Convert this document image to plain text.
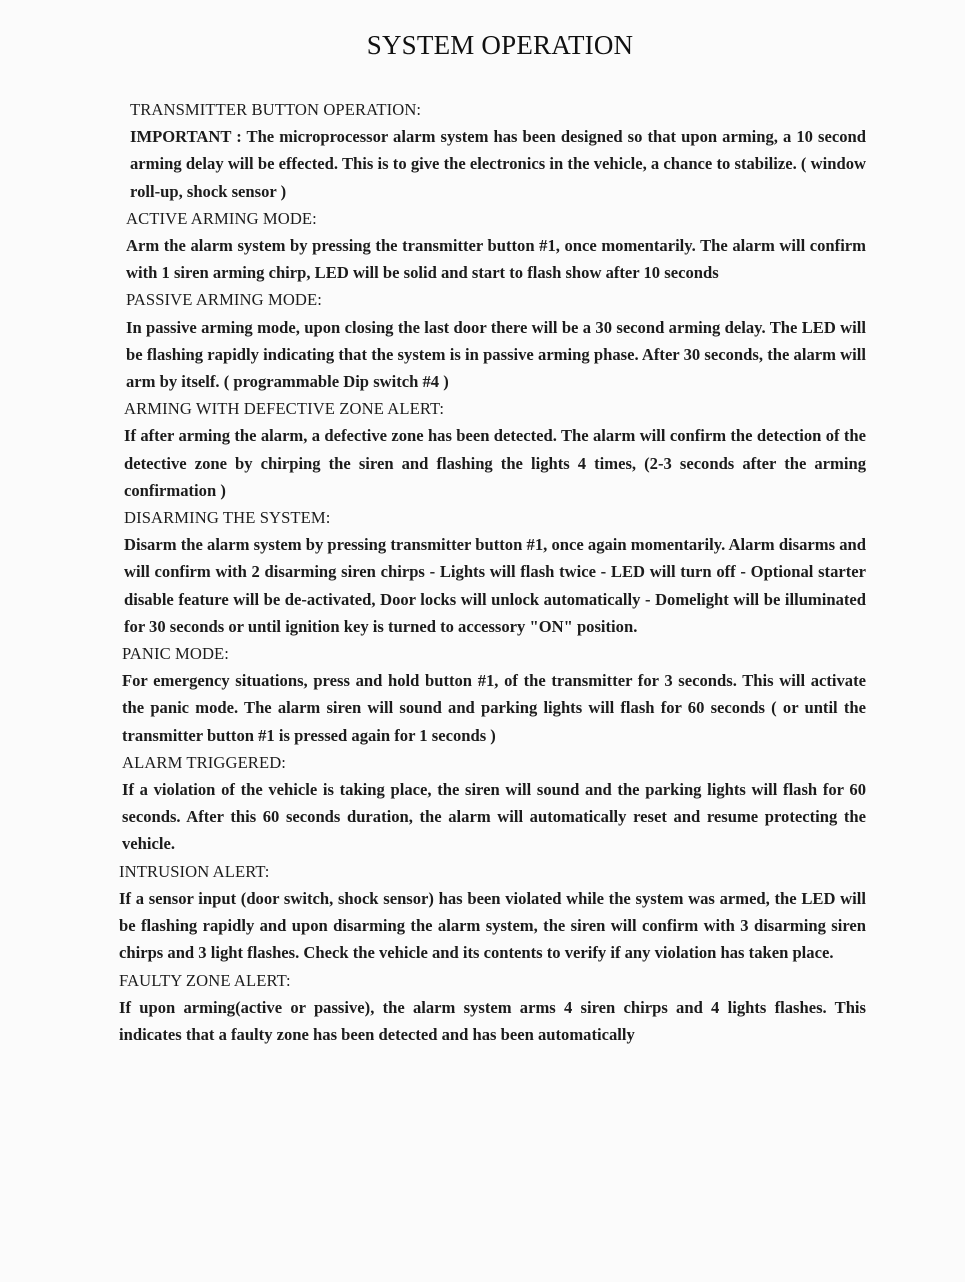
SYSTEM OPERATION

TRANSMITTER BUTTON OPERATION:

IMPORTANT : The microprocessor alarm system has been designed so that upon arming, a 10 second arming delay will be effected. This is to give the electronics in the vehicle, a chance to stabilize. ( window roll-up, shock sensor )

ACTIVE ARMING MODE:

Arm the alarm system by pressing the transmitter button #1, once momentarily. The alarm will confirm with 1 siren arming chirp, LED will be solid and start to flash show after 10 seconds

PASSIVE ARMING MODE:

In passive arming mode, upon closing the last door there will be a 30 second arming delay. The LED will be flashing rapidly indicating that the system is in passive arming phase. After 30 seconds, the alarm will arm by itself. ( programmable Dip switch #4 )

ARMING WITH DEFECTIVE ZONE ALERT:

If after arming the alarm, a defective zone has been detected. The alarm will confirm the detection of the detective zone by chirping the siren and flashing the lights 4 times, (2-3 seconds after the arming confirmation )

DISARMING THE SYSTEM:

Disarm the alarm system by pressing transmitter button #1, once again momentarily. Alarm disarms and will confirm with 2 disarming siren chirps - Lights will flash twice - LED will turn off - Optional starter disable feature will be de-activated, Door locks will unlock automatically - Domelight will be illuminated for 30 seconds or until ignition key is turned to accessory "ON" position.

PANIC MODE:

For emergency situations, press and hold button #1, of the transmitter for 3 seconds. This will activate the panic mode. The alarm siren will sound and parking lights will flash for 60 seconds ( or until the transmitter button #1 is pressed again for 1 seconds )

ALARM TRIGGERED:

If a violation of the vehicle is taking place, the siren will sound and the parking lights will flash for 60 seconds. After this 60 seconds duration, the alarm will automatically reset and resume protecting the vehicle.

INTRUSION ALERT:

If a sensor input (door switch, shock sensor) has been violated while the system was armed, the LED will be flashing rapidly and upon disarming the alarm system, the siren will confirm with 3 disarming siren chirps and 3 light flashes. Check the vehicle and its contents to verify if any violation has taken place.

FAULTY ZONE ALERT:

If upon arming(active or passive), the alarm system arms 4 siren chirps and 4 lights flashes. This indicates that a faulty zone has been detected and has been automatically
